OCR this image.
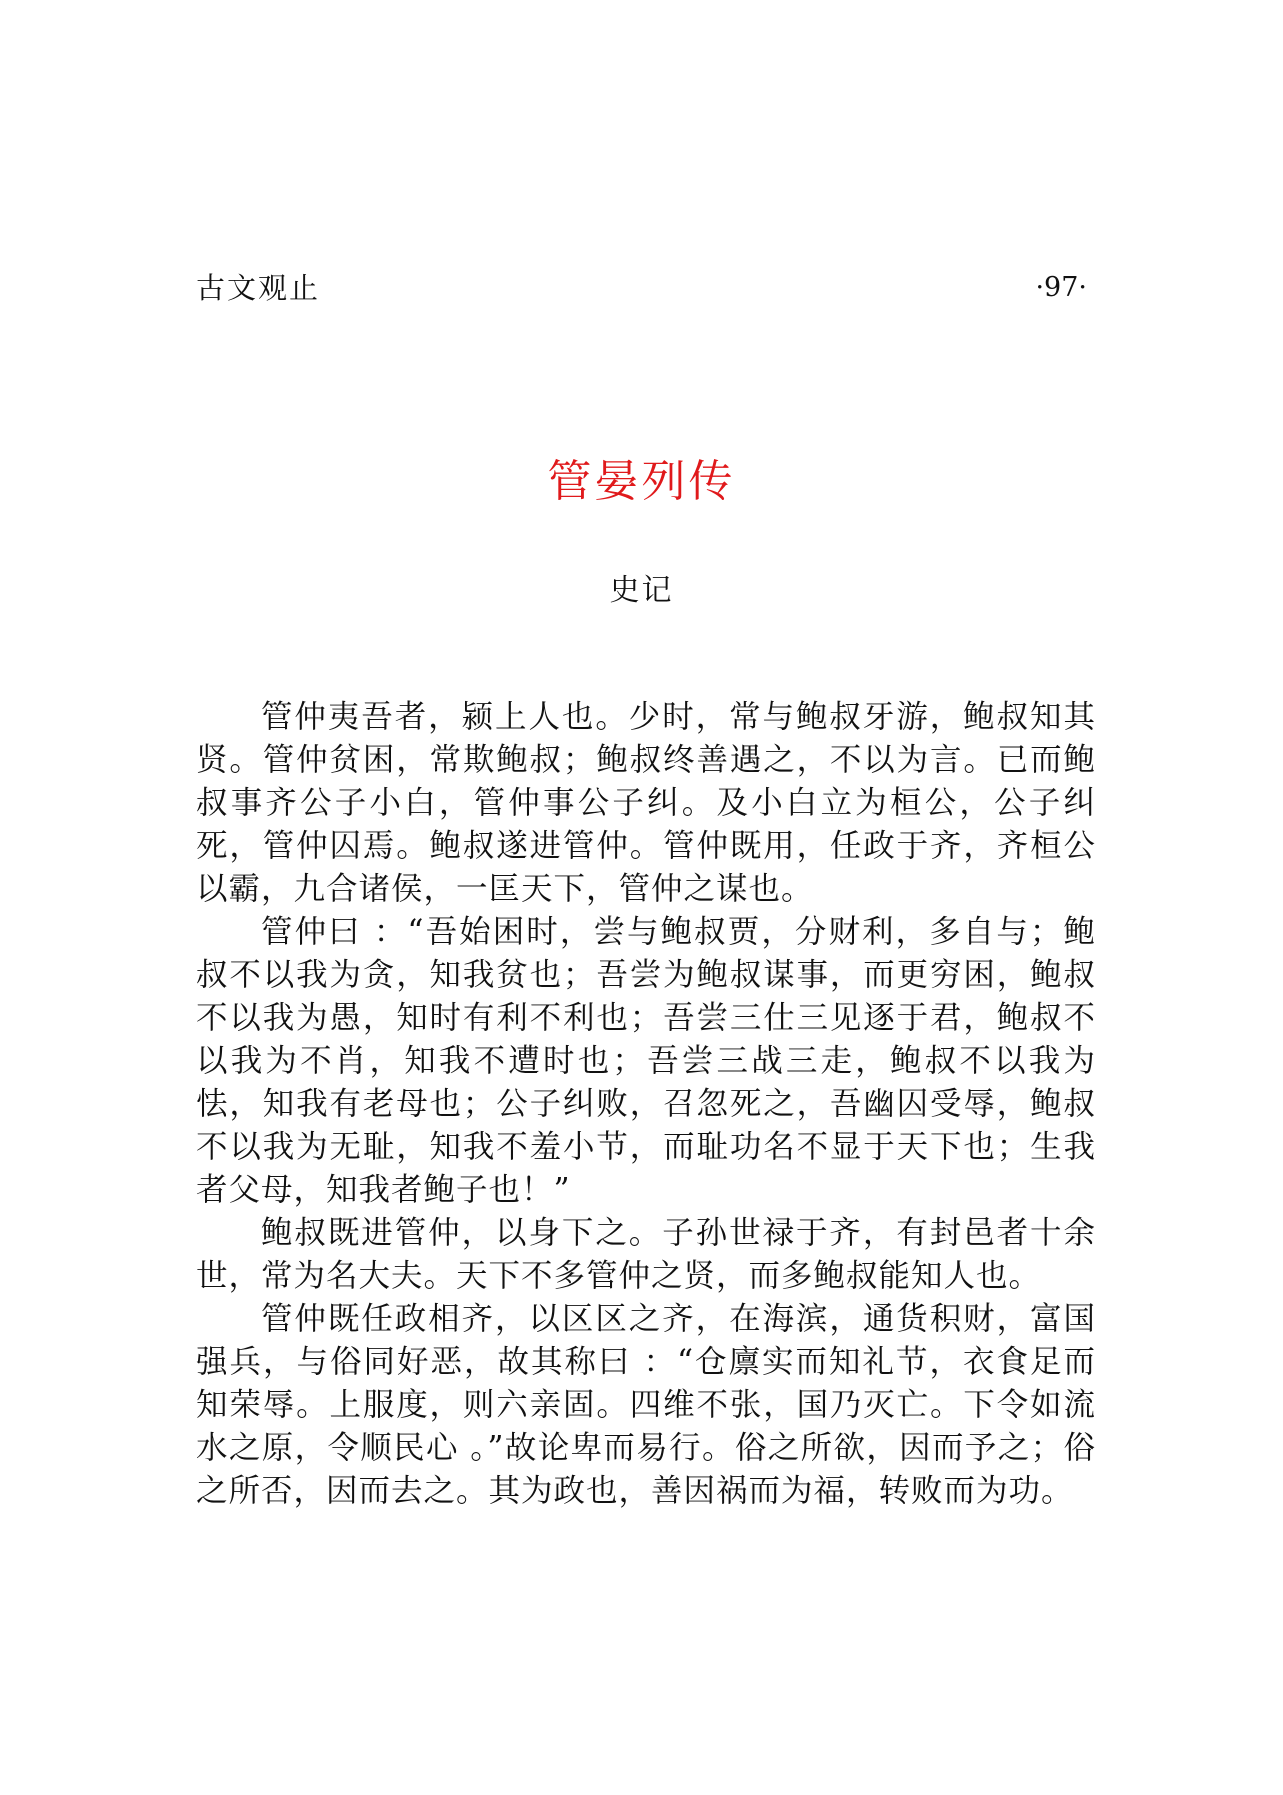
古文观止	·97·
管晏列传
史记

管仲夷吾者，颍上人也。少时，常与鲍叔牙游，鲍叔知其贤。管仲贫困，常欺鲍叔；鲍叔终善遇之，不以为言。已而鲍叔事齐公子小白，管仲事公子纠。及小白立为桓公，公子纠死，管仲囚焉。鲍叔遂进管仲。管仲既用，任政于齐，齐桓公以霸，九合诸侯，一匡天下，管仲之谋也。

管仲曰 ：“吾始困时，尝与鲍叔贾，分财利，多自与；鲍叔不以我为贪，知我贫也；吾尝为鲍叔谋事，而更穷困，鲍叔不以我为愚，知时有利不利也；吾尝三仕三见逐于君，鲍叔不以我为不肖，知我不遭时也；吾尝三战三走，鲍叔不以我为怯，知我有老母也；公子纠败，召忽死之，吾幽囚受辱，鲍叔不以我为无耻，知我不羞小节，而耻功名不显于天下也；生我者父母，知我者鲍子也！”

鲍叔既进管仲，以身下之。子孙世禄于齐，有封邑者十余世，常为名大夫。天下不多管仲之贤，而多鲍叔能知人也。

管仲既任政相齐，以区区之齐，在海滨，通货积财，富国强兵，与俗同好恶，故其称曰 ：“仓廪实而知礼节，衣食足而知荣辱。上服度，则六亲固。四维不张，国乃灭亡。下令如流水之原，令顺民心 。”故论卑而易行。俗之所欲，因而予之；俗之所否，因而去之。其为政也，善因祸而为福，转败而为功。
